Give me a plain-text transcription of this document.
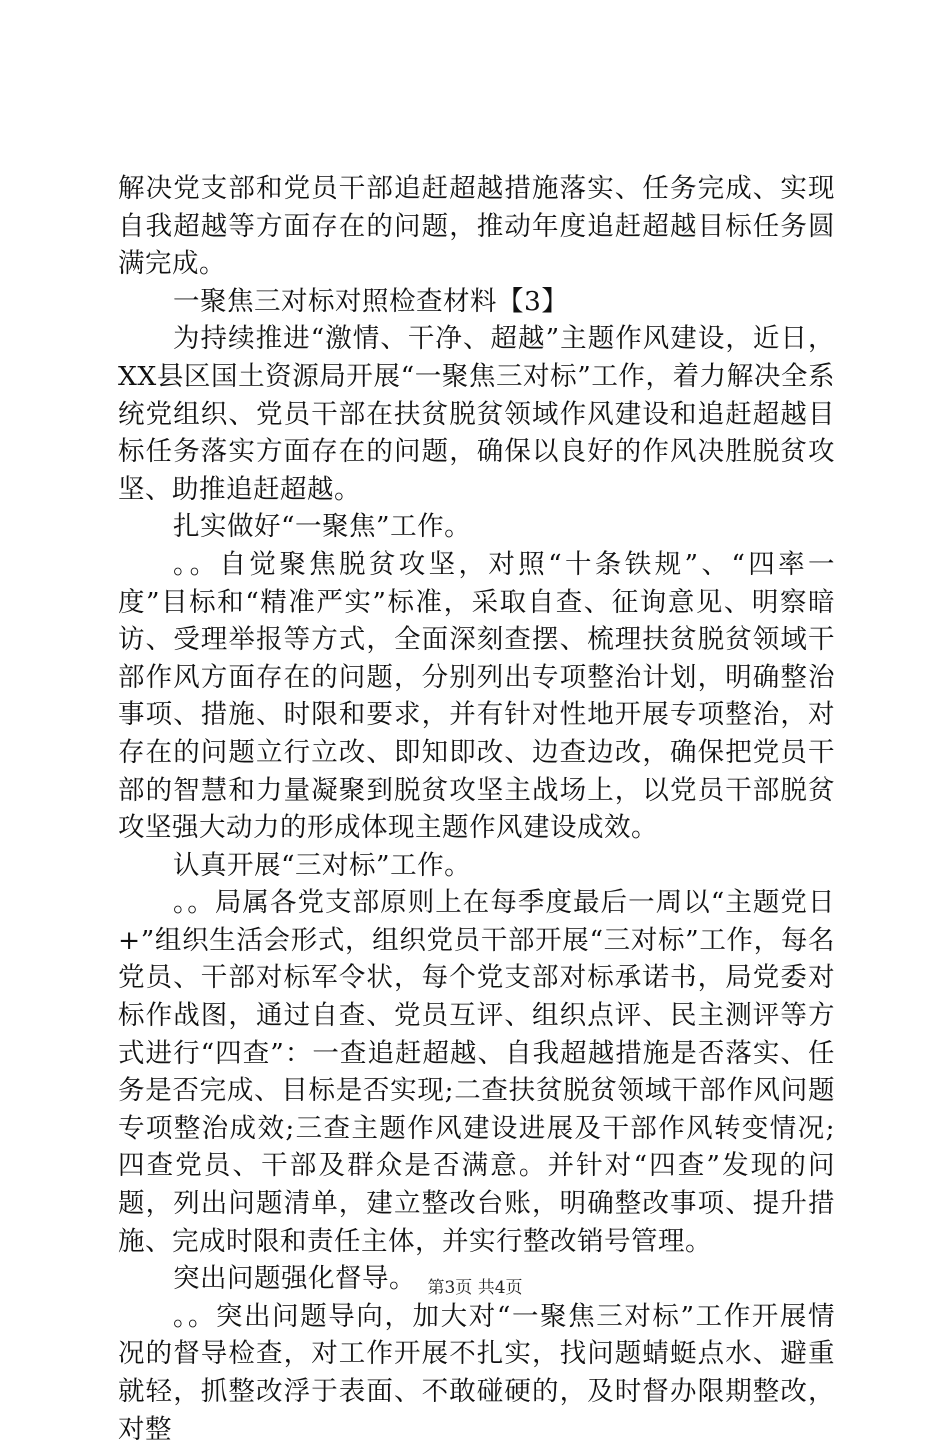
解决党支部和党员干部追赶超越措施落实、任务完成、实现自我超越等方面存在的问题，推动年度追赶超越目标任务圆满完成。

一聚焦三对标对照检查材料【3】

为持续推进“激情、干净、超越”主题作风建设，近日，XX县区国土资源局开展“一聚焦三对标”工作，着力解决全系统党组织、党员干部在扶贫脱贫领域作风建设和追赶超越目标任务落实方面存在的问题，确保以良好的作风决胜脱贫攻坚、助推追赶超越。

扎实做好“一聚焦”工作。

。。自觉聚焦脱贫攻坚，对照“十条铁规”、“四率一度”目标和“精准严实”标准，采取自查、征询意见、明察暗访、受理举报等方式，全面深刻查摆、梳理扶贫脱贫领域干部作风方面存在的问题，分别列出专项整治计划，明确整治事项、措施、时限和要求，并有针对性地开展专项整治，对存在的问题立行立改、即知即改、边查边改，确保把党员干部的智慧和力量凝聚到脱贫攻坚主战场上，以党员干部脱贫攻坚强大动力的形成体现主题作风建设成效。

认真开展“三对标”工作。

。。局属各党支部原则上在每季度最后一周以“主题党日+”组织生活会形式，组织党员干部开展“三对标”工作，每名党员、干部对标军令状，每个党支部对标承诺书，局党委对标作战图，通过自查、党员互评、组织点评、民主测评等方式进行“四查”：一查追赶超越、自我超越措施是否落实、任务是否完成、目标是否实现;二查扶贫脱贫领域干部作风问题专项整治成效;三查主题作风建设进展及干部作风转变情况;四查党员、干部及群众是否满意。并针对“四查”发现的问题，列出问题清单，建立整改台账，明确整改事项、提升措施、完成时限和责任主体，并实行整改销号管理。

突出问题强化督导。

。。突出问题导向，加大对“一聚焦三对标”工作开展情况的督导检查，对工作开展不扎实，找问题蜻蜓点水、避重就轻，抓整改浮于表面、不敢碰硬的，及时督办限期整改，对整

第3页 共4页
